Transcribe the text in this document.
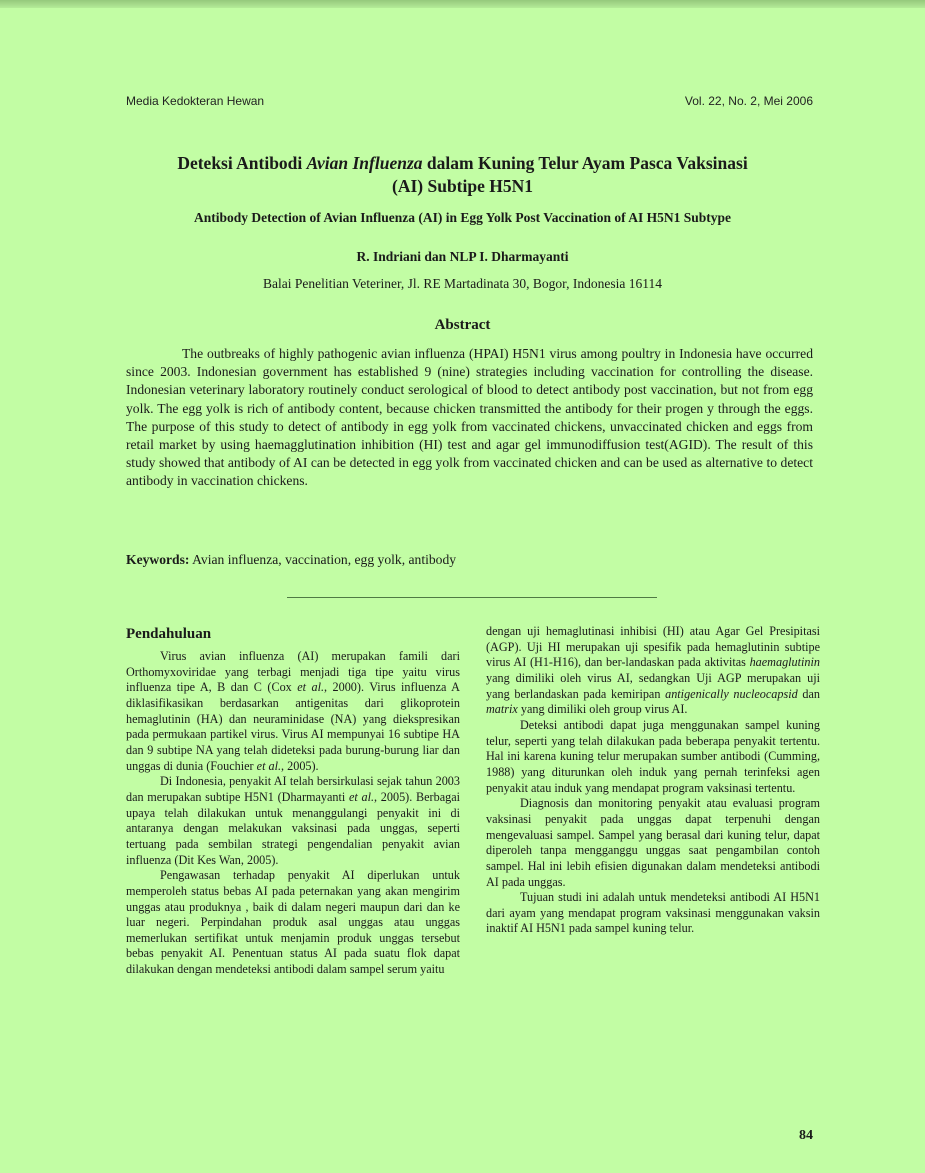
Media Kedokteran Hewan	Vol. 22, No. 2, Mei 2006
Deteksi Antibodi Avian Influenza dalam Kuning Telur Ayam Pasca Vaksinasi
(AI) Subtipe H5N1
Antibody Detection of Avian Influenza (AI) in Egg Yolk Post Vaccination of AI H5N1 Subtype
R. Indriani dan NLP I. Dharmayanti
Balai Penelitian Veteriner, Jl. RE Martadinata 30, Bogor, Indonesia 16114
Abstract

The outbreaks of highly pathogenic avian influenza (HPAI) H5N1 virus among poultry in Indonesia have occurred since 2003. Indonesian government has established 9 (nine) strategies including vaccination for controlling the disease. Indonesian veterinary laboratory routinely conduct serological of blood to detect antibody post vaccination, but not from egg yolk. The egg yolk is rich of antibody content, because chicken transmitted the antibody for their progen y through the eggs. The purpose of this study to detect of antibody in egg yolk from vaccinated chickens, unvaccinated chicken and eggs from retail market by using haemagglutination inhibition (HI) test and agar gel immunodiffusion test(AGID). The result of this study showed that antibody of AI can be detected in egg yolk from vaccinated chicken and can be used as alternative to detect antibody in vaccination chickens.

Keywords: Avian influenza, vaccination, egg yolk, antibody
Pendahuluan

Virus avian influenza (AI) merupakan famili dari Orthomyxoviridae yang terbagi menjadi tiga tipe yaitu virus influenza tipe A, B dan C (Cox et al., 2000). Virus influenza A diklasifikasikan berdasarkan antigenitas dari glikoprotein hemaglutinin (HA) dan neuraminidase (NA) yang diekspresikan pada permukaan partikel virus. Virus AI mempunyai 16 subtipe HA dan 9 subtipe NA yang telah dideteksi pada burung-burung liar dan unggas di dunia (Fouchier et al., 2005).

Di Indonesia, penyakit AI telah bersirkulasi sejak tahun 2003 dan merupakan subtipe H5N1 (Dharmayanti et al., 2005). Berbagai upaya telah dilakukan untuk menanggulangi penyakit ini di antaranya dengan melakukan vaksinasi pada unggas, seperti tertuang pada sembilan strategi pengendalian penyakit avian influenza (Dit Kes Wan, 2005).

Pengawasan terhadap penyakit AI diperlukan untuk memperoleh status bebas AI pada peternakan yang akan mengirim unggas atau produknya , baik di dalam negeri maupun dari dan ke luar negeri. Perpindahan produk asal unggas atau unggas memerlukan sertifikat untuk menjamin produk unggas tersebut bebas penyakit AI. Penentuan status AI pada suatu flok dapat dilakukan dengan mendeteksi antibodi dalam sampel serum yaitu

dengan uji hemaglutinasi inhibisi (HI) atau Agar Gel Presipitasi (AGP). Uji HI merupakan uji spesifik pada hemaglutinin subtipe virus AI (H1-H16), dan ber-landaskan pada aktivitas haemaglutinin yang dimiliki oleh virus AI, sedangkan Uji AGP merupakan uji yang berlandaskan pada kemiripan antigenically nucleocapsid dan matrix yang dimiliki oleh group virus AI.

Deteksi antibodi dapat juga menggunakan sampel kuning telur, seperti yang telah dilakukan pada beberapa penyakit tertentu. Hal ini karena kuning telur merupakan sumber antibodi (Cumming, 1988) yang diturunkan oleh induk yang pernah terinfeksi agen penyakit atau induk yang mendapat program vaksinasi tertentu.

Diagnosis dan monitoring penyakit atau evaluasi program vaksinasi penyakit pada unggas dapat terpenuhi dengan mengevaluasi sampel. Sampel yang berasal dari kuning telur, dapat diperoleh tanpa mengganggu unggas saat pengambilan contoh sampel. Hal ini lebih efisien digunakan dalam mendeteksi antibodi AI pada unggas.

Tujuan studi ini adalah untuk mendeteksi antibodi AI H5N1 dari ayam yang mendapat program vaksinasi menggunakan vaksin inaktif AI H5N1 pada sampel kuning telur.

84
